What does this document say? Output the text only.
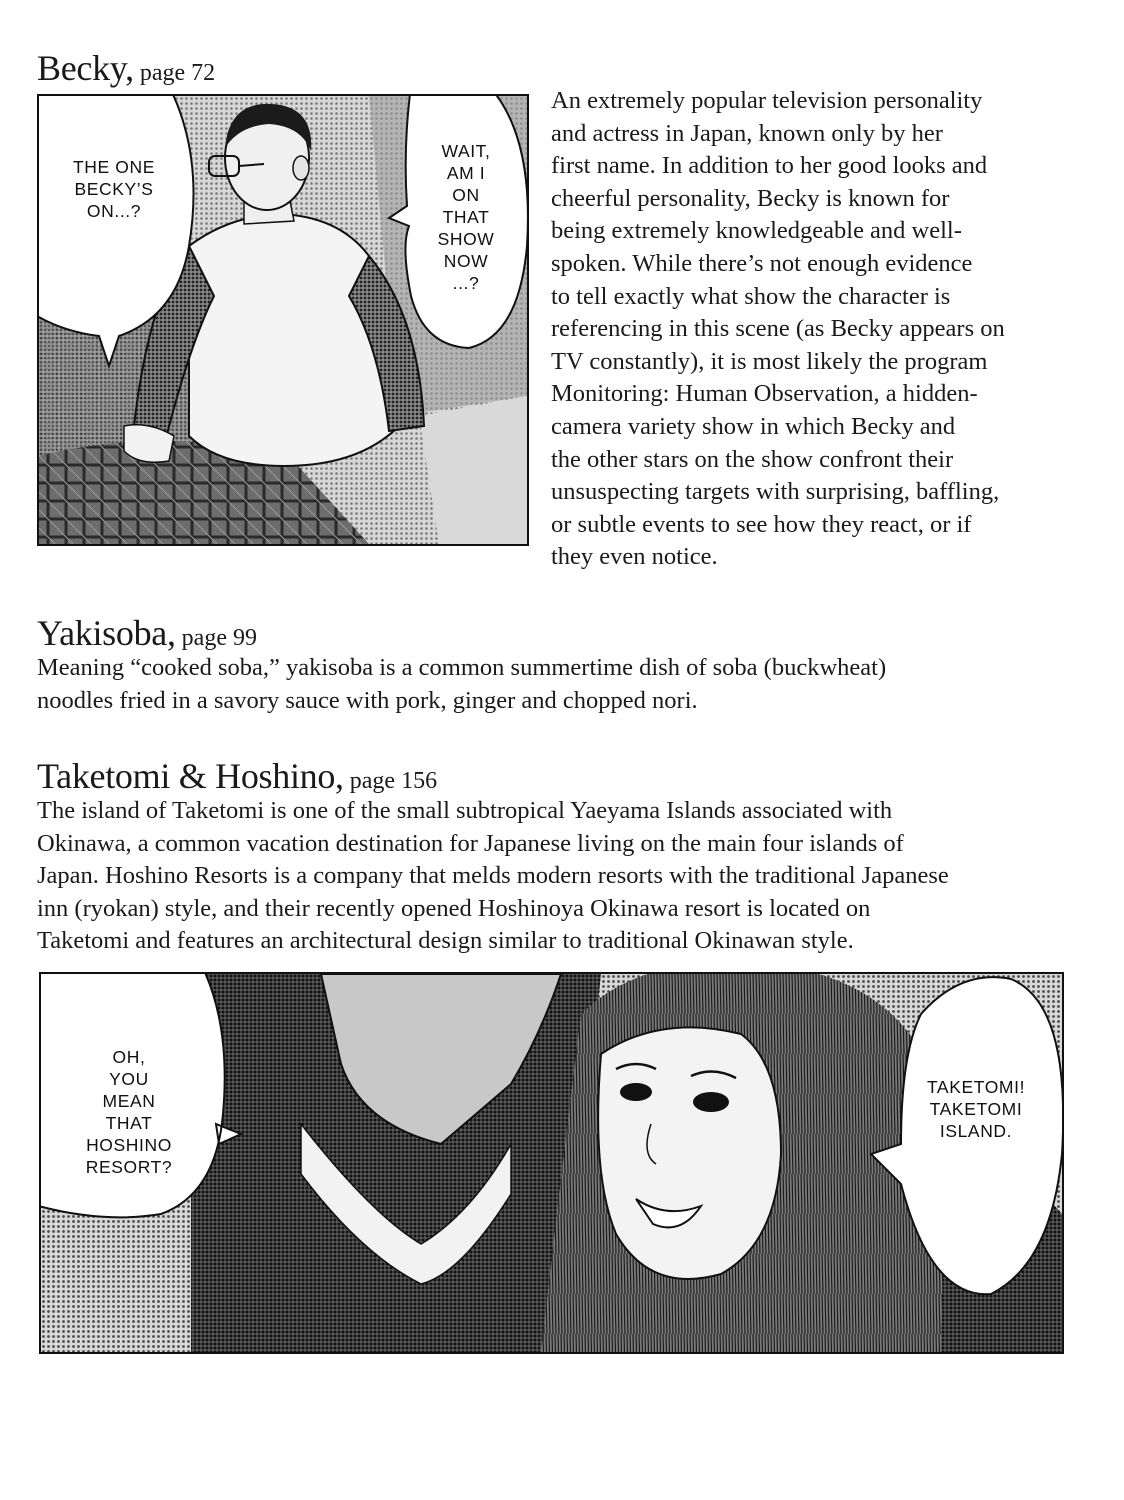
Becky, page 72
THE ONE
BECKY’S
ON...?
WAIT,
AM I
ON
THAT
SHOW
NOW
...?

An extremely popular television personality
and actress in Japan, known only by her
first name. In addition to her good looks and
cheerful personality, Becky is known for
being extremely knowledgeable and well-
spoken. While there’s not enough evidence
to tell exactly what show the character is
referencing in this scene (as Becky appears on
TV constantly), it is most likely the program
Monitoring: Human Observation, a hidden-
camera variety show in which Becky and
the other stars on the show confront their
unsuspecting targets with surprising, baffling,
or subtle events to see how they react, or if
they even notice.

Yakisoba, page 99

Meaning “cooked soba,” yakisoba is a common summertime dish of soba (buckwheat)
noodles fried in a savory sauce with pork, ginger and chopped nori.

Taketomi & Hoshino, page 156

The island of Taketomi is one of the small subtropical Yaeyama Islands associated with
Okinawa, a common vacation destination for Japanese living on the main four islands of
Japan. Hoshino Resorts is a company that melds modern resorts with the traditional Japanese
inn (ryokan) style, and their recently opened Hoshinoya Okinawa resort is located on
Taketomi and features an architectural design similar to traditional Okinawan style.

OH,
YOU
MEAN
THAT
HOSHINO
RESORT?
TAKETOMI!
TAKETOMI
ISLAND.
